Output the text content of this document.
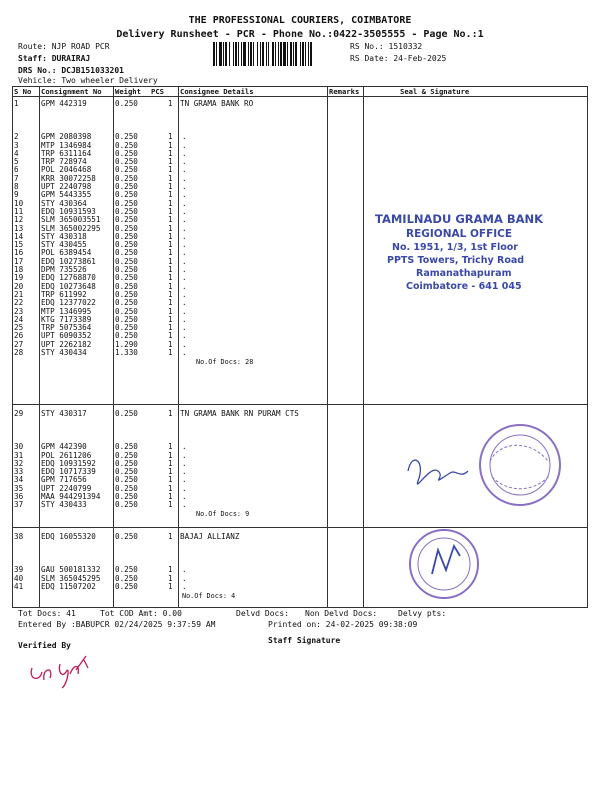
THE PROFESSIONAL COURIERS, COIMBATORE
Delivery Runsheet - PCR - Phone No.:0422-3505555 - Page No.:1
Route: NJP ROAD PCR
Staff: DURAIRAJ
DRS No.: DCJB151033201
Vehicle: Two wheeler Delivery
RS No.: 1510332
RS Date: 24-Feb-2025
S No Consignment No Weight PCS Consignee Details	Remarks	Seal & Signature
TAMILNADU GRAMA BANK
REGIONAL OFFICE
No. 1951, 1/3, 1st Floor
PPTS Towers, Trichy Road
Ramanathapuram
Coimbatore - 641 045
1	GPM 442319	0.250	1 TN GRAMA BANK RO
2	GPM 2080398	0.250	1 .
3	MTP 1346984	0.250	1 .
4	TRP 6311164	0.250	1 .
5	TRP 728974	0.250	1 .
6	POL 2046468	0.250	1 .
7	KRR 30072258	0.250	1 .
8	UPT 2240798	0.250	1 .
9	GPM 5443355	0.250	1 .
10 STY 430364	0.250	1 .
11 EDQ 10931593	0.250	1 .
12 SLM 365003551 0.250	1 .
13 SLM 365002295 0.250	1 .
14 STY 430318	0.250	1 .
15 STY 430455	0.250	1 .
16 POL 6389454	0.250	1 .
17 EDQ 10273861	0.250	1 .
18 DPM 735526	0.250	1 .
19 EDQ 12768870	0.250	1 .
20 EDQ 10273648	0.250	1 .
21 TRP 611992	0.250	1 .
22 EDQ 12377022	0.250	1 .
23 MTP 1346995	0.250	1 .
24 KTG 7173389	0.250	1 .
25 TRP 5075364	0.250	1 .
26 UPT 6090352	0.250	1 .
27 UPT 2262182	1.290	1 .
28 STY 430434	1.330	1 .
No.Of Docs: 28
29 STY 430317	0.250	1 TN GRAMA BANK RN PURAM CTS
30 GPM 442390	0.250	1 .
31 POL 2611206	0.250	1 .
32 EDQ 10931592	0.250	1 .
33 EDQ 10717339	0.250	1 .
34 GPM 717656	0.250	1 .
35 UPT 2240799	0.250	1 .
36 MAA 944291394 0.250	1 .
37 STY 430433	0.250	1 .
No.Of Docs: 9
38 EDQ 16055320	0.250	1 BAJAJ ALLIANZ
39 GAU 500181332 0.250	1 .
40 SLM 365045295 0.250	1 .
41 EDQ 11507202	0.250	1 .
No.Of Docs: 4
Tot Docs: 41	Tot COD Amt: 0.00	Delvd Docs: Non Delvd Docs:	Delvy pts:
Entered By :BABUPCR 02/24/2025 9:37:59 AM	Printed on: 24-02-2025 09:38:09
Verified By
Staff Signature
